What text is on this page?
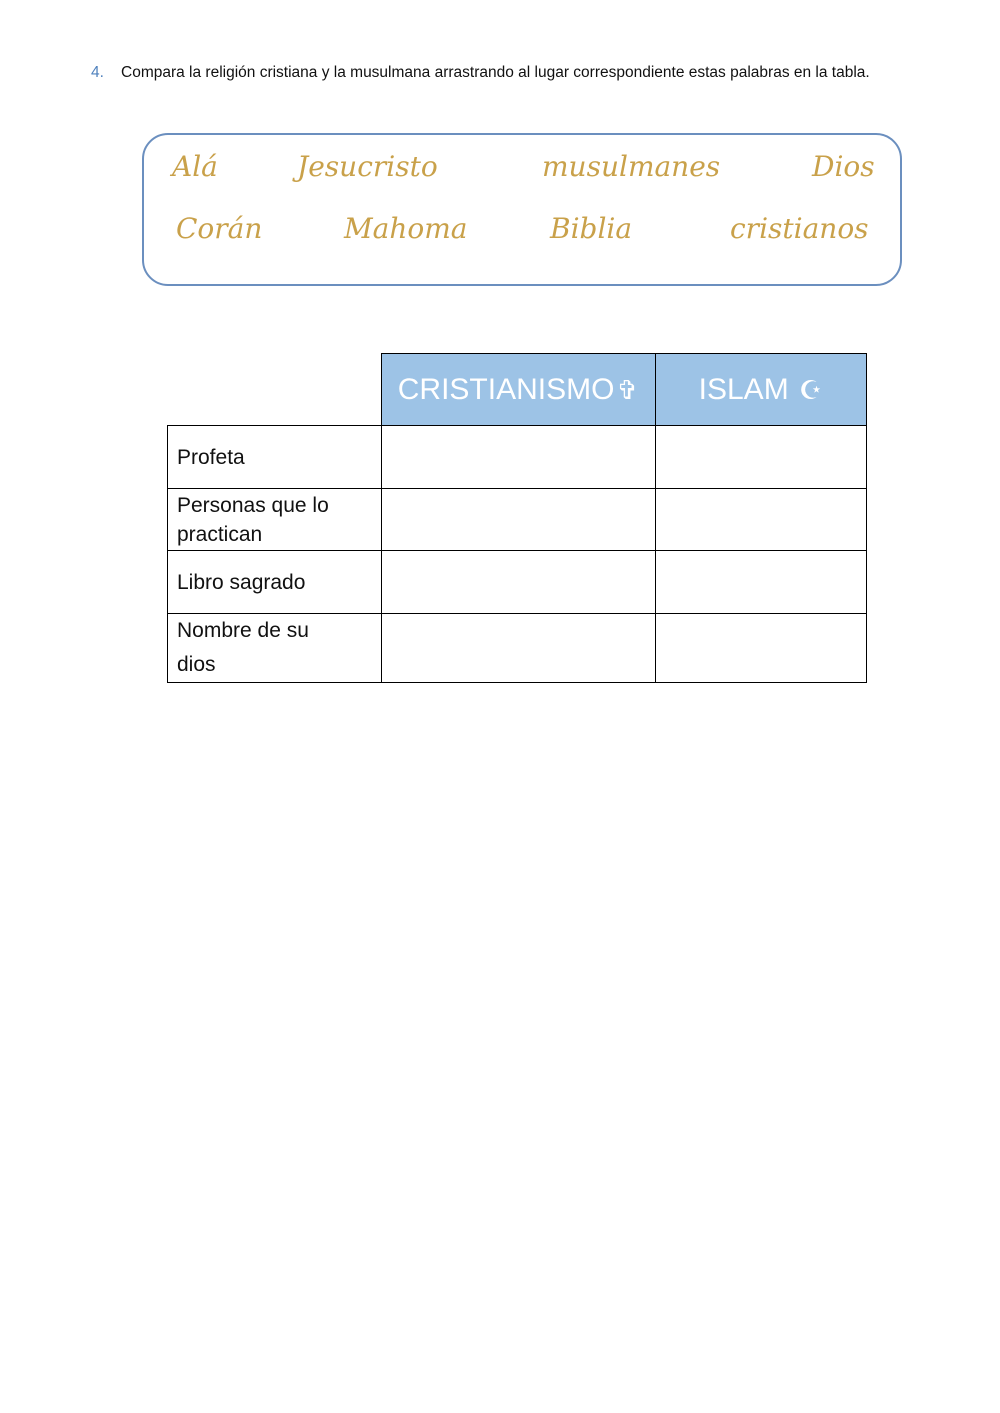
4. Compara la religión cristiana y la musulmana arrastrando al lugar correspondiente estas palabras en la tabla.
Alá	Jesucristo	musulmanes	Dios
Corán	Mahoma	Biblia	cristianos
	CRISTIANISMO✞	ISLAM ☪
Profeta		

Personas que lo practican		

Libro sagrado		

Nombre de su dios		
